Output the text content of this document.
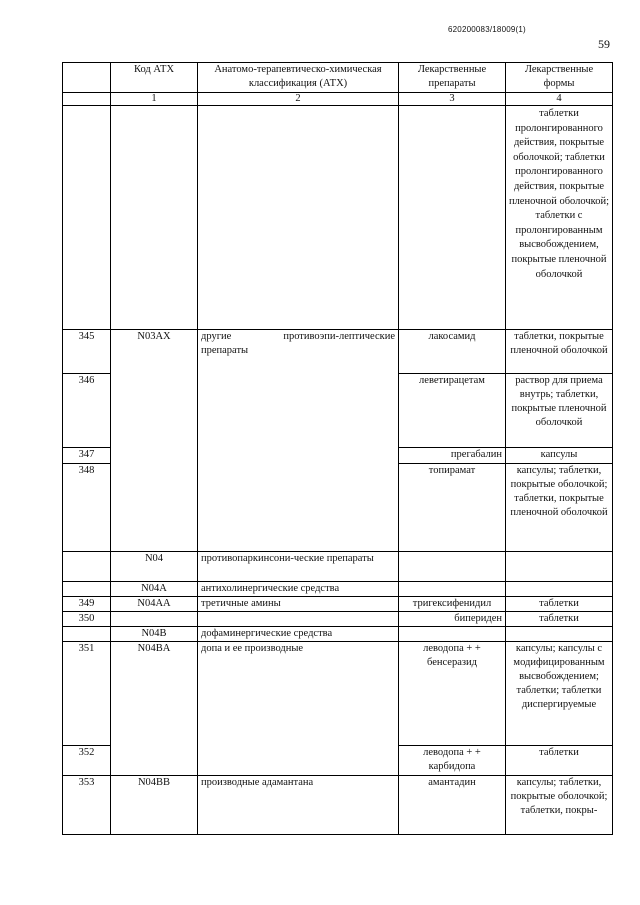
620200083/18009(1)
59
	Код АТХ	Анатомо-терапевтическо-химическая классификация (АТХ)	Лекарственные препараты	Лекарственные формы
	1	2	3	4
				таблетки пролонгированного действия, покрытые оболочкой; таблетки пролонгированного действия, покрытые пленочной оболочкой; таблетки с пролонгированным высвобождением, покрытые пленочной оболочкой
345	N03AX	другие противоэпи-лептические препараты	лакосамид	таблетки, покрытые пленочной оболочкой
346			леветирацетам	раствор для приема внутрь; таблетки, покрытые пленочной оболочкой
347			прегабалин	капсулы
348			топирамат	капсулы; таблетки, покрытые оболочкой; таблетки, покрытые пленочной оболочкой
	N04	противопаркинсони-ческие препараты		
	N04A	антихолинергические средства		
349	N04AA	третичные амины	тригексифенидил	таблетки
350			бипериден	таблетки
	N04B	дофаминергические средства		
351	N04BA	допа и ее производные	леводопа + + бенсеразид	капсулы; капсулы с модифицированным высвобождением; таблетки; таблетки диспергируемые
352			леводопа + + карбидопа	таблетки
353	N04BB	производные адамантана	амантадин	капсулы; таблетки, покрытые оболочкой; таблетки, покры-
